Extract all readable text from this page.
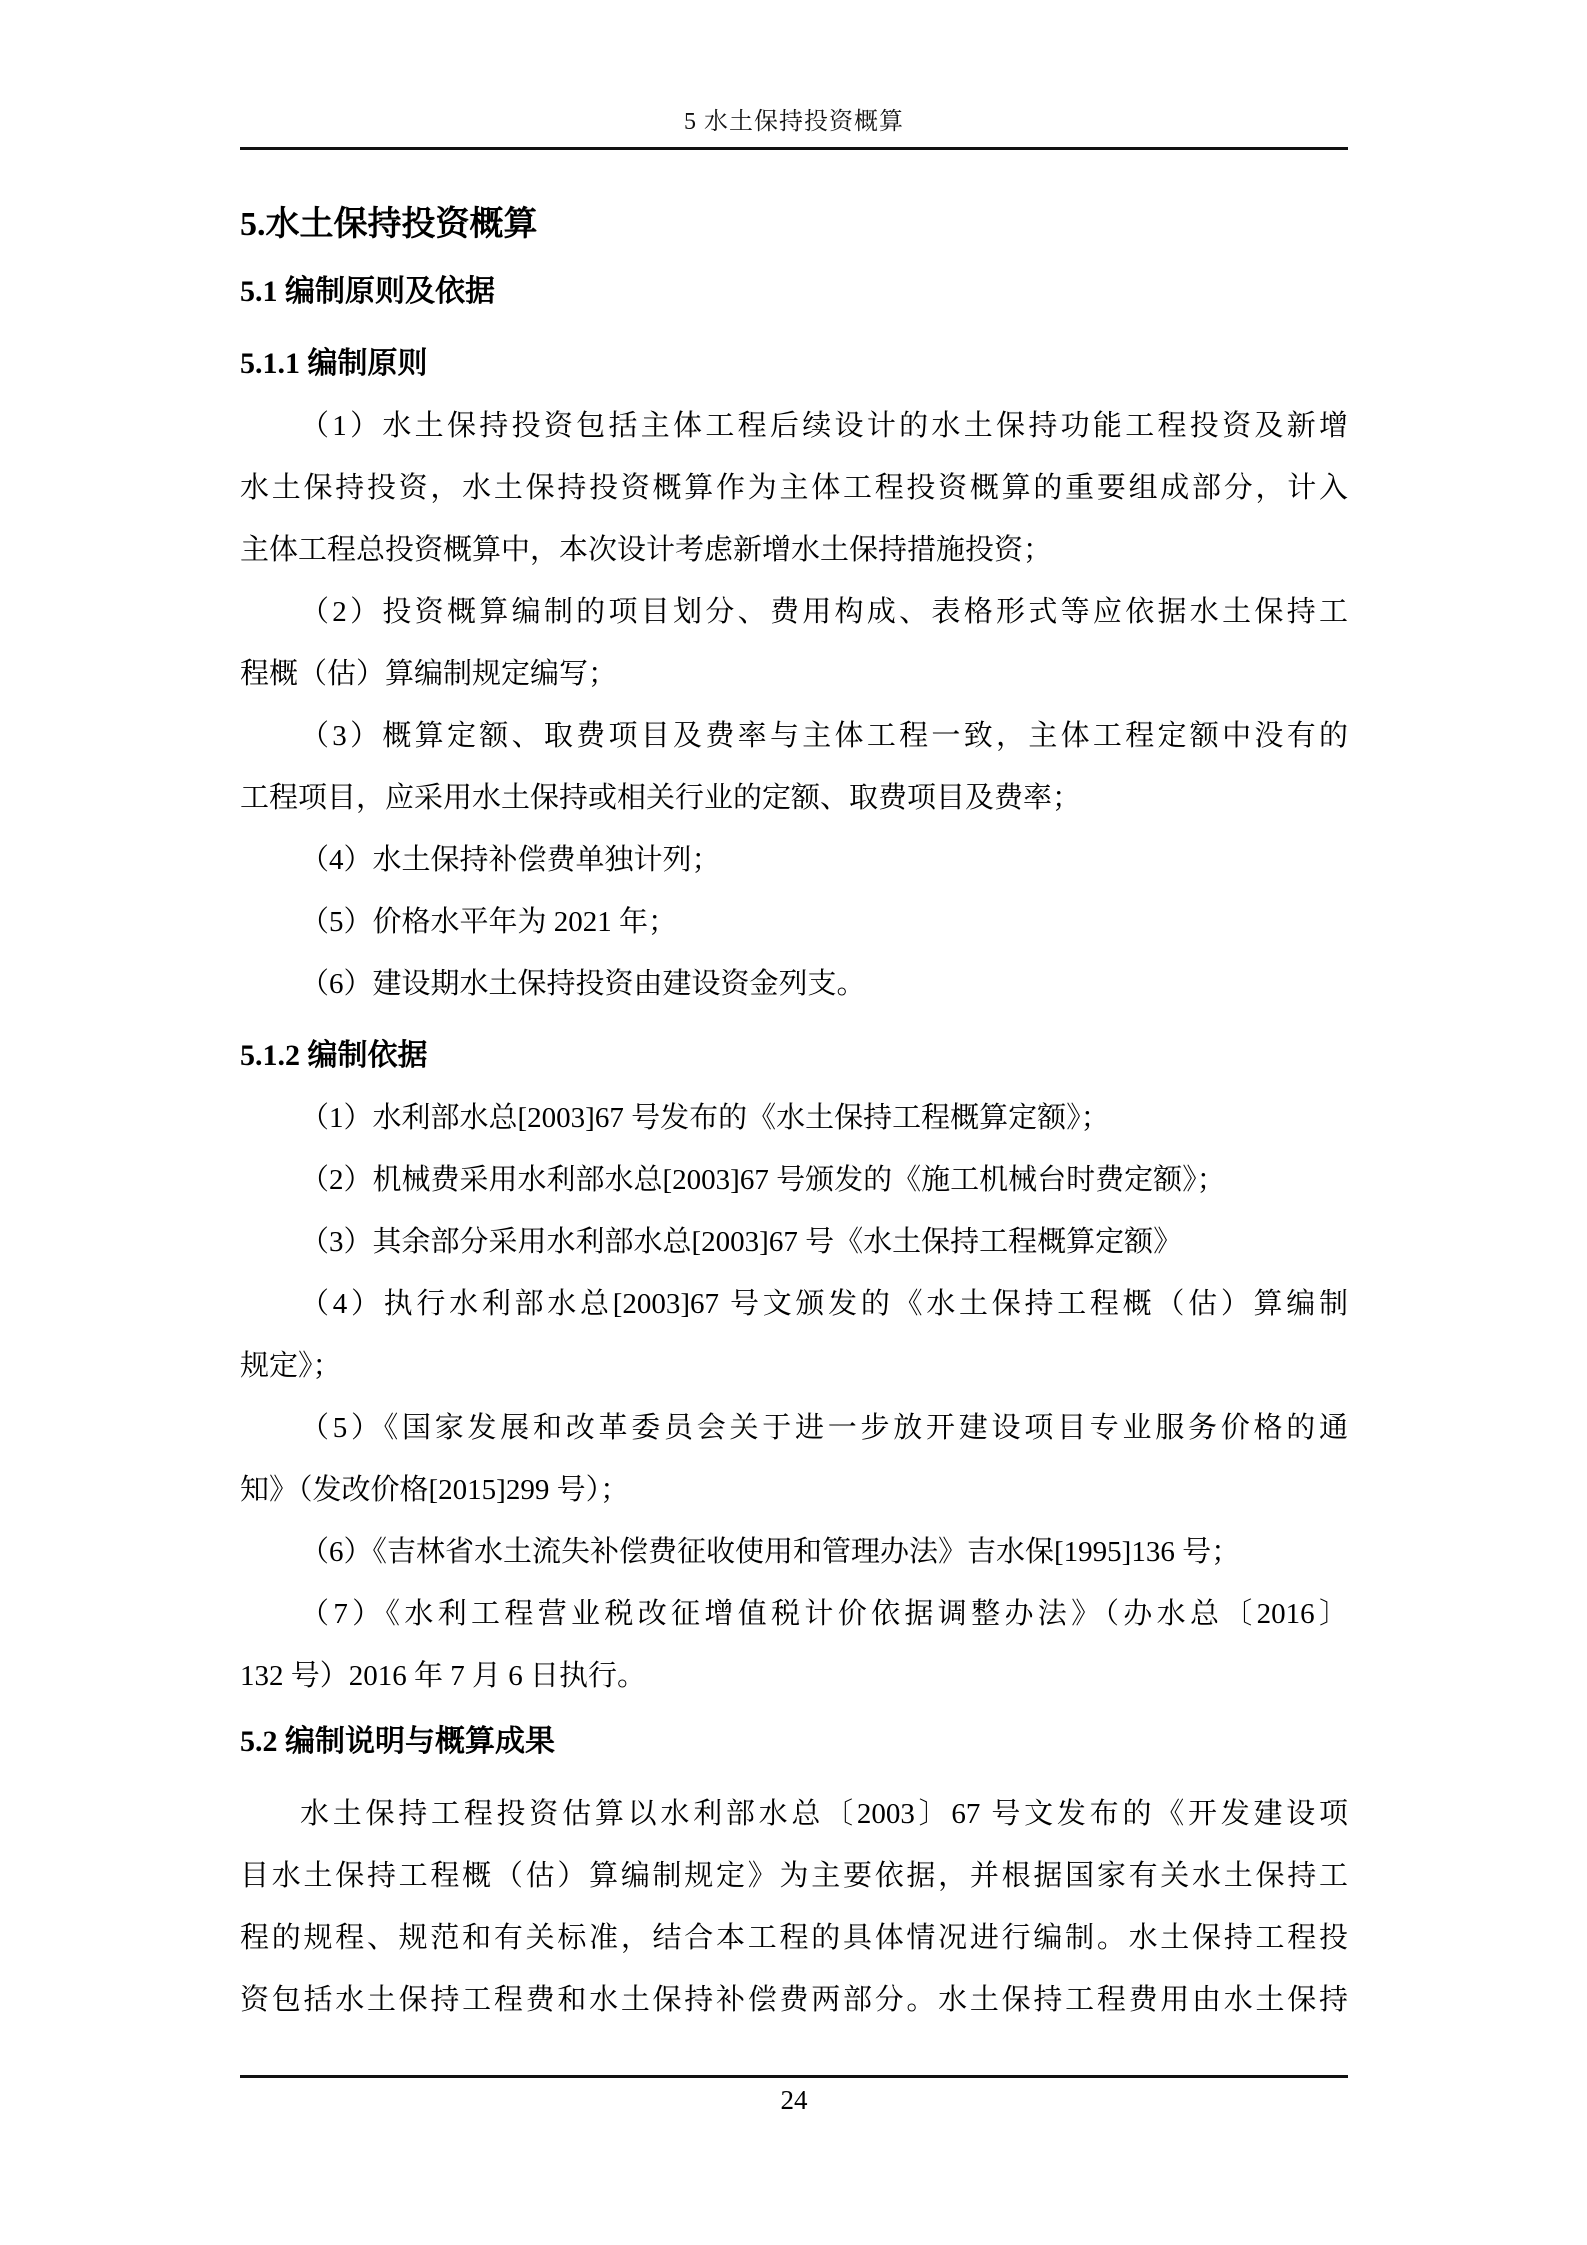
5 水土保持投资概算
5.水土保持投资概算
5.1 编制原则及依据
5.1.1 编制原则
（1）水土保持投资包括主体工程后续设计的水土保持功能工程投资及新增
水土保持投资，水土保持投资概算作为主体工程投资概算的重要组成部分，计入
主体工程总投资概算中，本次设计考虑新增水土保持措施投资；
（2）投资概算编制的项目划分、费用构成、表格形式等应依据水土保持工
程概（估）算编制规定编写；
（3）概算定额、取费项目及费率与主体工程一致，主体工程定额中没有的
工程项目，应采用水土保持或相关行业的定额、取费项目及费率；
（4）水土保持补偿费单独计列；
（5）价格水平年为 2021 年；
（6）建设期水土保持投资由建设资金列支。
5.1.2 编制依据
（1）水利部水总[2003]67 号发布的《水土保持工程概算定额》；
（2）机械费采用水利部水总[2003]67 号颁发的《施工机械台时费定额》；
（3）其余部分采用水利部水总[2003]67 号《水土保持工程概算定额》
（4）执行水利部水总[2003]67 号文颁发的《水土保持工程概（估）算编制
规定》；
（5）《国家发展和改革委员会关于进一步放开建设项目专业服务价格的通
知》（发改价格[2015]299 号）；
（6）《吉林省水土流失补偿费征收使用和管理办法》吉水保[1995]136 号；
（7）《水利工程营业税改征增值税计价依据调整办法》（办水总〔2016〕
132 号）2016 年 7 月 6 日执行。
5.2 编制说明与概算成果
水土保持工程投资估算以水利部水总〔2003〕67 号文发布的《开发建设项
目水土保持工程概（估）算编制规定》为主要依据，并根据国家有关水土保持工
程的规程、规范和有关标准，结合本工程的具体情况进行编制。水土保持工程投
资包括水土保持工程费和水土保持补偿费两部分。水土保持工程费用由水土保持
24
